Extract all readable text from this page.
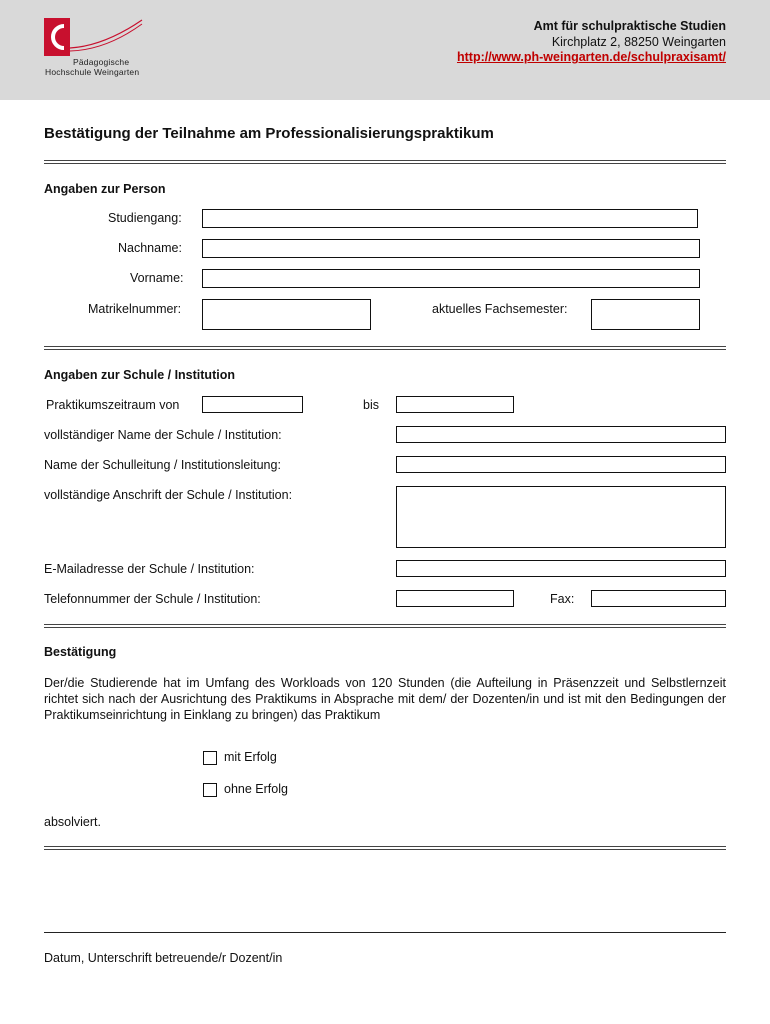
Pädagogische
Hochschule Weingarten
Amt für schulpraktische Studien
Kirchplatz 2, 88250 Weingarten
http://www.ph-weingarten.de/schulpraxisamt/
Bestätigung der Teilnahme am Professionalisierungspraktikum
Angaben zur Person
Studiengang:
Nachname:
Vorname:
Matrikelnummer:	aktuelles Fachsemester:
Angaben zur Schule / Institution
Praktikumszeitraum von	bis
vollständiger Name der Schule / Institution:
Name der Schulleitung / Institutionsleitung:
vollständige Anschrift der Schule / Institution:
E-Mailadresse der Schule / Institution:
Telefonnummer der Schule / Institution:	Fax:
Bestätigung
Der/die Studierende hat im Umfang des Workloads von 120 Stunden (die Aufteilung in Präsenzzeit und Selbstlernzeit richtet sich nach der Ausrichtung des Praktikums in Absprache mit dem/ der Dozenten/in und ist mit den Bedingungen der Praktikumseinrichtung in Einklang zu bringen) das Praktikum
mit Erfolg
ohne Erfolg
absolviert.
Datum, Unterschrift betreuende/r Dozent/in
